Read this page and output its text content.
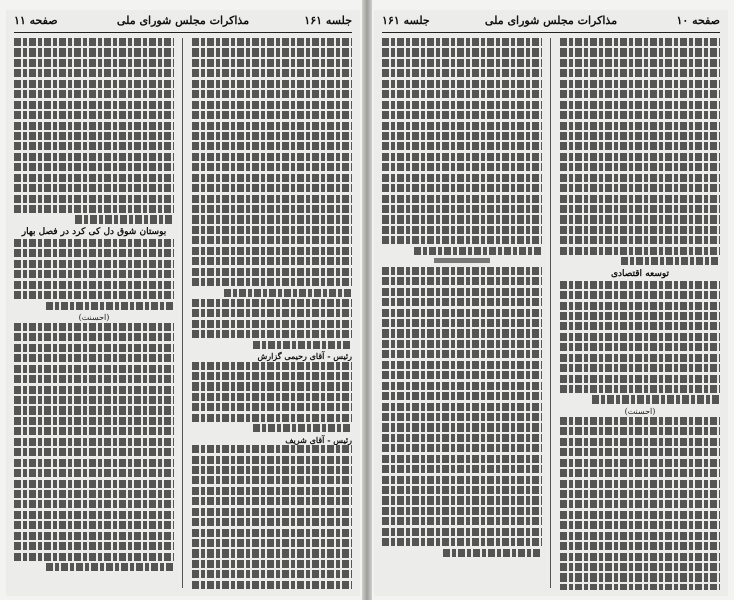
جلسه ۱۶۱
مذاکرات مجلس شورای ملی
صفحه ۱۱
رئیس - آقای رحیمی گزارش
رئیس - آقای شریف
بوستان شوق دل کی کرد در فصل بهار
(احسنت)
صفحه ۱۰
مذاکرات مجلس شورای ملی
جلسه ۱۶۱
توسعه اقتصادی
(احسنت)
